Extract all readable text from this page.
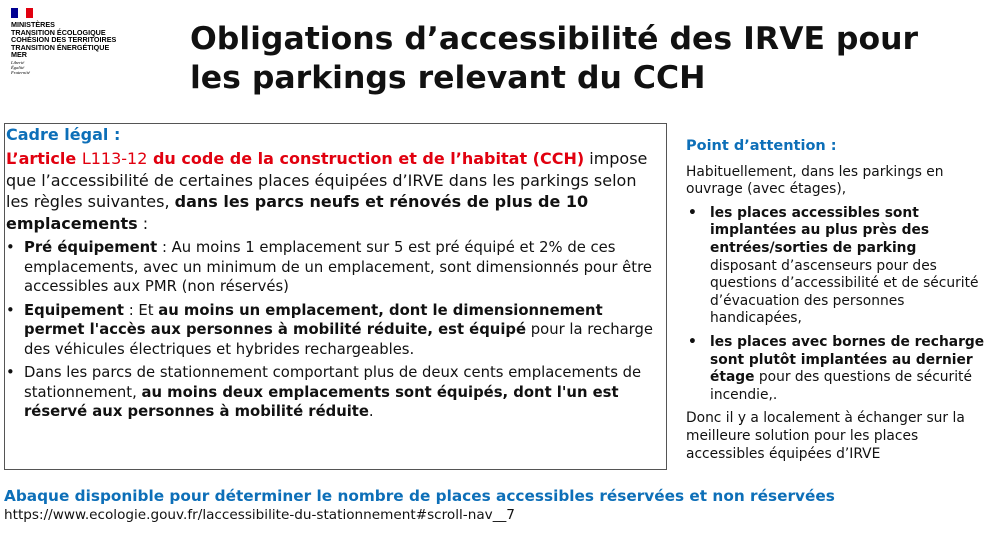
MINISTÈRES
TRANSITION ÉCOLOGIQUE
COHÉSION DES TERRITOIRES
TRANSITION ÉNERGÉTIQUE
MER
Liberté
Égalité
Fraternité
Obligations d’accessibilité des IRVE pour
les parkings relevant du CCH
Cadre légal :
L’article L113-12 du code de la construction et de l’habitat (CCH) impose que l’accessibilité de certaines places équipées d’IRVE dans les parkings selon les règles suivantes, dans les parcs neufs et rénovés de plus de 10 emplacements :
• Pré équipement : Au moins 1 emplacement sur 5 est pré équipé et 2% de ces emplacements, avec un minimum de un emplacement, sont dimensionnés pour être accessibles aux PMR (non réservés)
• Equipement : Et au moins un emplacement, dont le dimensionnement permet l'accès aux personnes à mobilité réduite, est équipé pour la recharge des véhicules électriques et hybrides rechargeables.
• Dans les parcs de stationnement comportant plus de deux cents emplacements de stationnement, au moins deux emplacements sont équipés, dont l'un est réservé aux personnes à mobilité réduite.
Point d’attention :

Habituellement, dans les parkings en ouvrage (avec étages),

• les places accessibles sont implantées au plus près des entrées/sorties de parking disposant d’ascenseurs pour des questions d’accessibilité et de sécurité d’évacuation des personnes handicapées,
• les places avec bornes de recharge sont plutôt implantées au dernier étage pour des questions de sécurité incendie,.

Donc il y a localement à échanger sur la meilleure solution pour les places accessibles équipées d’IRVE

Abaque disponible pour déterminer le nombre de places accessibles réservées et non réservées
https://www.ecologie.gouv.fr/laccessibilite-du-stationnement#scroll-nav__7
